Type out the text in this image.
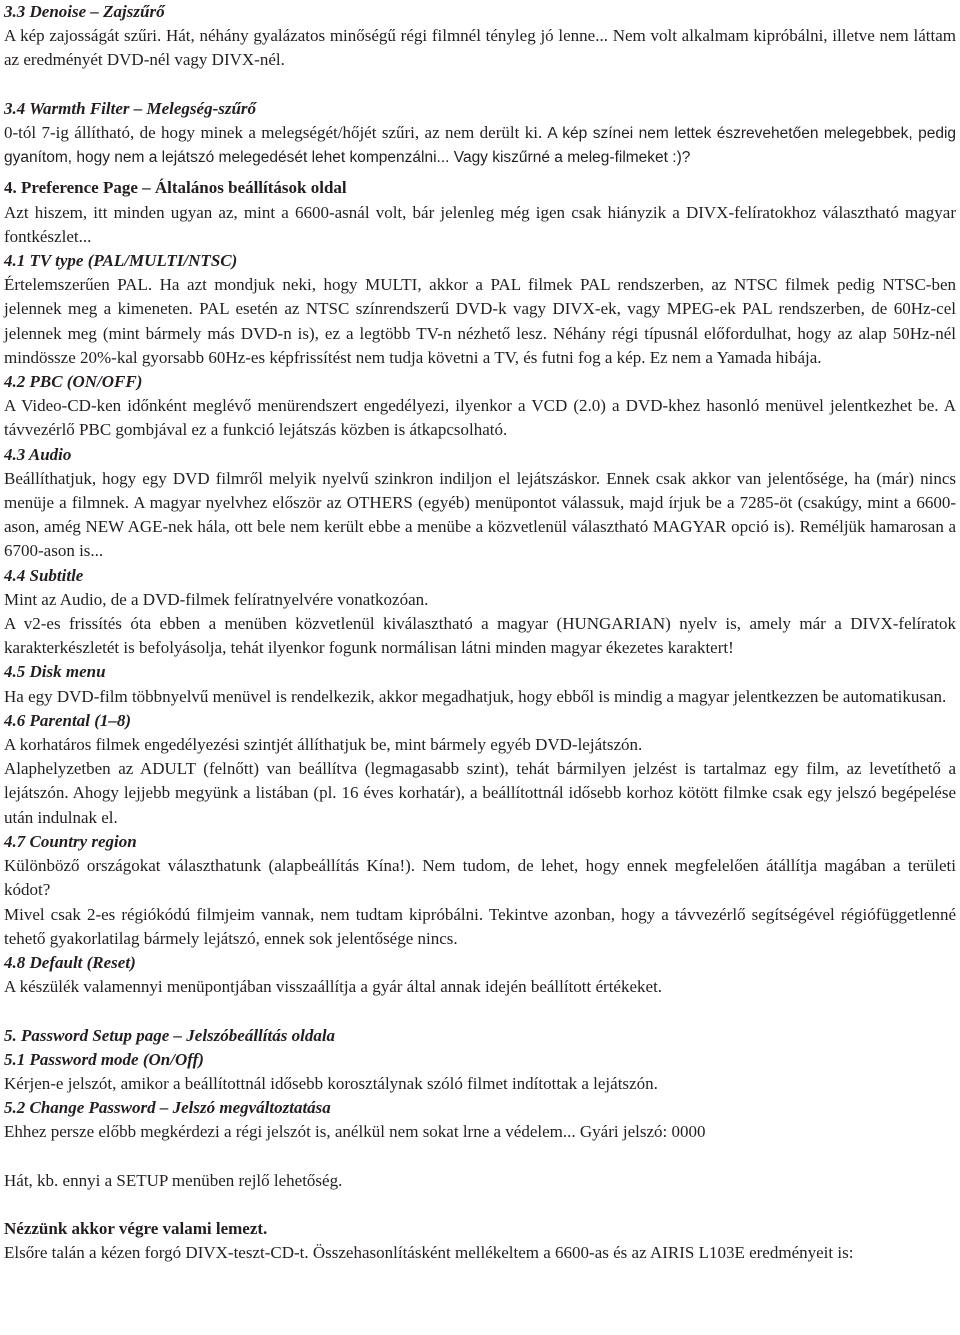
3.3 Denoise – Zajszűrő

A kép zajosságát szűri. Hát, néhány gyalázatos minőségű régi filmnél tényleg jó lenne... Nem volt alkalmam kipróbálni, illetve nem láttam az eredményét DVD-nél vagy DIVX-nél.

3.4 Warmth Filter – Melegség-szűrő

0-tól 7-ig állítható, de hogy minek a melegségét/hőjét szűri, az nem derült ki. A kép színei nem lettek észrevehetően melegebbek, pedig gyanítom, hogy nem a lejátszó melegedését lehet kompenzálni... Vagy kiszűrné a meleg-filmeket :)?

4. Preference Page – Általános beállítások oldal

Azt hiszem, itt minden ugyan az, mint a 6600-asnál volt, bár jelenleg még igen csak hiányzik a DIVX-felíratokhoz választható magyar fontkészlet...

4.1 TV type (PAL/MULTI/NTSC)

Értelemszerűen PAL. Ha azt mondjuk neki, hogy MULTI, akkor a PAL filmek PAL rendszerben, az NTSC filmek pedig NTSC-ben jelennek meg a kimeneten. PAL esetén az NTSC színrendszerű DVD-k vagy DIVX-ek, vagy MPEG-ek PAL rendszerben, de 60Hz-cel jelennek meg (mint bármely más DVD-n is), ez a legtöbb TV-n nézhető lesz. Néhány régi típusnál előfordulhat, hogy az alap 50Hz-nél mindössze 20%-kal gyorsabb 60Hz-es képfrissítést nem tudja követni a TV, és futni fog a kép. Ez nem a Yamada hibája.

4.2 PBC (ON/OFF)

A Video-CD-ken időnként meglévő menürendszert engedélyezi, ilyenkor a VCD (2.0) a DVD-khez hasonló menüvel jelentkezhet be. A távvezérlő PBC gombjával ez a funkció lejátszás közben is átkapcsolható.

4.3 Audio

Beállíthatjuk, hogy egy DVD filmről melyik nyelvű szinkron indiljon el lejátszáskor. Ennek csak akkor van jelentősége, ha (már) nincs menüje a filmnek. A magyar nyelvhez először az OTHERS (egyéb) menüpontot válassuk, majd írjuk be a 7285-öt (csakúgy, mint a 6600-ason, amég NEW AGE-nek hála, ott bele nem került ebbe a menübe a közvetlenül választható MAGYAR opció is). Reméljük hamarosan a 6700-ason is...

4.4 Subtitle

Mint az Audio, de a DVD-filmek felíratnyelvére vonatkozóan.

A v2-es frissítés óta ebben a menüben közvetlenül kiválasztható a magyar (HUNGARIAN) nyelv is, amely már a DIVX-felíratok karakterkészletét is befolyásolja, tehát ilyenkor fogunk normálisan látni minden magyar ékezetes karaktert!

4.5 Disk menu

Ha egy DVD-film többnyelvű menüvel is rendelkezik, akkor megadhatjuk, hogy ebből is mindig a magyar jelentkezzen be automatikusan.

4.6 Parental (1–8)

A korhatáros filmek engedélyezési szintjét állíthatjuk be, mint bármely egyéb DVD-lejátszón.

Alaphelyzetben az ADULT (felnőtt) van beállítva (legmagasabb szint), tehát bármilyen jelzést is tartalmaz egy film, az levetíthető a lejátszón. Ahogy lejjebb megyünk a listában (pl. 16 éves korhatár), a beállítottnál idősebb korhoz kötött filmke csak egy jelszó begépelése után indulnak el.

4.7 Country region

Különböző országokat választhatunk (alapbeállítás Kína!). Nem tudom, de lehet, hogy ennek megfelelően átállítja magában a területi kódot?

Mivel csak 2-es régiókódú filmjeim vannak, nem tudtam kipróbálni. Tekintve azonban, hogy a távvezérlő segítségével régiófüggetlenné tehető gyakorlatilag bármely lejátszó, ennek sok jelentősége nincs.

4.8 Default (Reset)

A készülék valamennyi menüpontjában visszaállítja a gyár által annak idején beállított értékeket.

5. Password Setup page – Jelszóbeállítás oldala

5.1 Password mode (On/Off)

Kérjen-e jelszót, amikor a beállítottnál idősebb korosztálynak szóló filmet indítottak a lejátszón.

5.2 Change Password – Jelszó megváltoztatása

Ehhez persze előbb megkérdezi a régi jelszót is, anélkül nem sokat lrne a védelem... Gyári jelszó: 0000

Hát, kb. ennyi a SETUP menüben rejlő lehetőség.

Nézzünk akkor végre valami lemezt.

Elsőre talán a kézen forgó DIVX-teszt-CD-t. Összehasonlításként mellékeltem a 6600-as és az AIRIS L103E eredményeit is:
